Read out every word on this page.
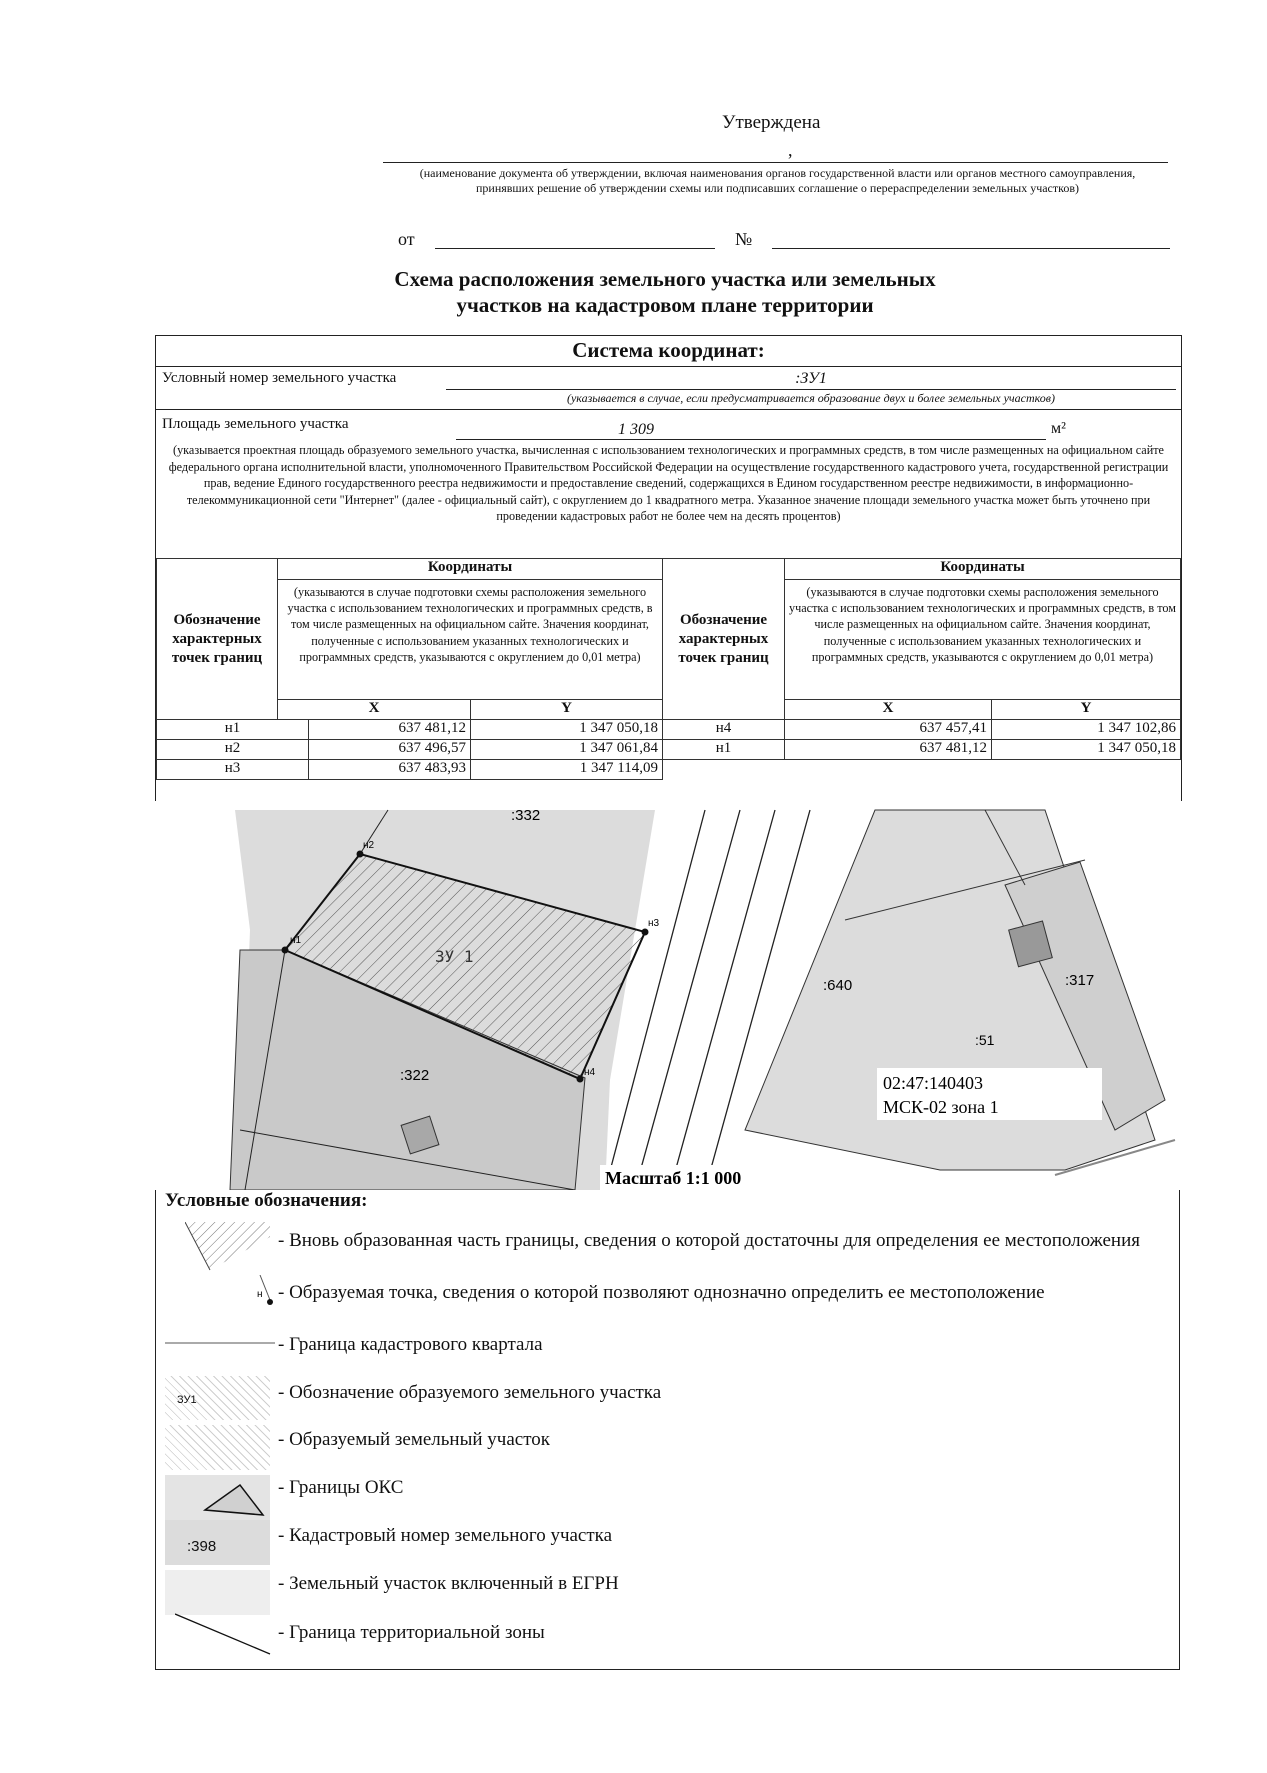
Утверждена
,
(наименование документа об утверждении, включая наименования органов государственной власти или органов местного самоуправления, принявших решение об утверждении схемы или подписавших соглашение о перераспределении земельных участков)
от	№
Схема расположения земельного участка или земельных
участков на кадастровом плане территории
Система координат:
Условный номер земельного участка	:ЗУ1
(указывается в случае, если предусматривается образование двух и более земельных участков)
Площадь земельного участка	1 309	м²
(указывается проектная площадь образуемого земельного участка, вычисленная с использованием технологических и программных средств, в том числе размещенных на официальном сайте федерального органа исполнительной власти, уполномоченного Правительством Российской Федерации на осуществление государственного кадастрового учета, государственной регистрации прав, ведение Единого государственного реестра недвижимости и предоставление сведений, содержащихся в Едином государственном реестре недвижимости, в информационно-телекоммуникационной сети "Интернет" (далее - официальный сайт), с округлением до 1 квадратного метра. Указанное значение площади земельного участка может быть уточнено при проведении кадастровых работ не более чем на десять процентов)
Обозначение характерных точек границ
Координаты
(указываются в случае подготовки схемы расположения земельного участка с использованием технологических и программных средств, в том числе размещенных на официальном сайте. Значения координат, полученные с использованием указанных технологических и программных средств, указываются с округлением до 0,01 метра)
X	Y
Обозначение характерных точек границ
Координаты
(указываются в случае подготовки схемы расположения земельного участка с использованием технологических и программных средств, в том числе размещенных на официальном сайте. Значения координат, полученные с использованием указанных технологических и программных средств, указываются с округлением до 0,01 метра)
X	Y
н1	637 481,12	1 347 050,18
н2	637 496,57	1 347 061,84
н3	637 483,93	1 347 114,09
н4	637 457,41	1 347 102,86
н1	637 481,12	1 347 050,18
:332
ЗУ 1
:322
:640	:317
:51
н1
н2
н3
н4
02:47:140403
МСК-02 зона 1
Масштаб 1:1 000
Условные обозначения:
н
ЗУ1
:398
- Вновь образованная часть границы, сведения о которой достаточны для определения ее местоположения
- Образуемая точка, сведения о которой позволяют однозначно определить ее местоположение
- Граница кадастрового квартала
- Обозначение образуемого земельного участка
- Образуемый земельный участок
- Границы ОКС
- Кадастровый номер земельного участка
- Земельный участок включенный в ЕГРН
- Граница территориальной зоны
